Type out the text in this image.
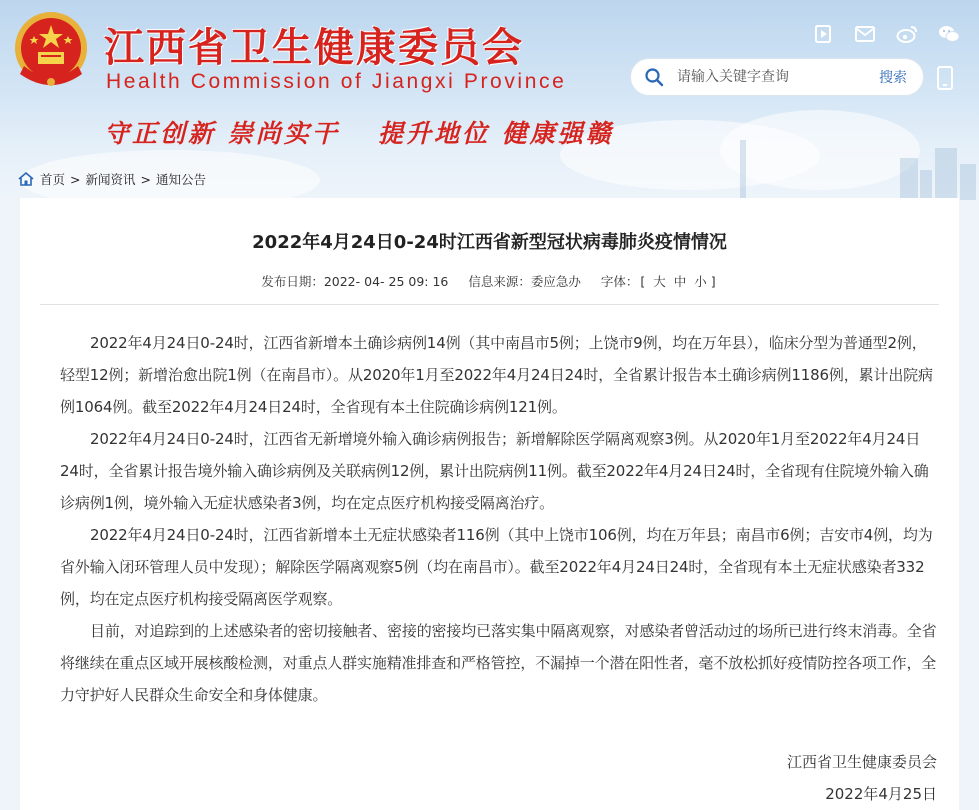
江西省卫生健康委员会
Health Commission of Jiangxi Province
守正创新 崇尚实干 提升地位 健康强赣
请输入关键字查询
搜索
首页 > 新闻资讯 > 通知公告
2022年4月24日0-24时江西省新型冠状病毒肺炎疫情情况
发布日期：2022- 04- 25 09: 16 信息来源：委应急办 字体： [ 大 中 小 ]

2022年4月24日0-24时，江西省新增本土确诊病例14例（其中南昌市5例；上饶市9例，均在万年县），临床分型为普通型2例，轻型12例；新增治愈出院1例（在南昌市）。从2020年1月至2022年4月24日24时，全省累计报告本土确诊病例1186例，累计出院病例1064例。截至2022年4月24日24时，全省现有本土住院确诊病例121例。

2022年4月24日0-24时，江西省无新增境外输入确诊病例报告；新增解除医学隔离观察3例。从2020年1月至2022年4月24日24时，全省累计报告境外输入确诊病例及关联病例12例，累计出院病例11例。截至2022年4月24日24时，全省现有住院境外输入确诊病例1例，境外输入无症状感染者3例，均在定点医疗机构接受隔离治疗。

2022年4月24日0-24时，江西省新增本土无症状感染者116例（其中上饶市106例，均在万年县；南昌市6例；吉安市4例，均为省外输入闭环管理人员中发现）；解除医学隔离观察5例（均在南昌市）。截至2022年4月24日24时，全省现有本土无症状感染者332例，均在定点医疗机构接受隔离医学观察。

目前，对追踪到的上述感染者的密切接触者、密接的密接均已落实集中隔离观察，对感染者曾活动过的场所已进行终末消毒。全省将继续在重点区域开展核酸检测，对重点人群实施精准排查和严格管控，不漏掉一个潜在阳性者，毫不放松抓好疫情防控各项工作，全力守护好人民群众生命安全和身体健康。

江西省卫生健康委员会
2022年4月25日
